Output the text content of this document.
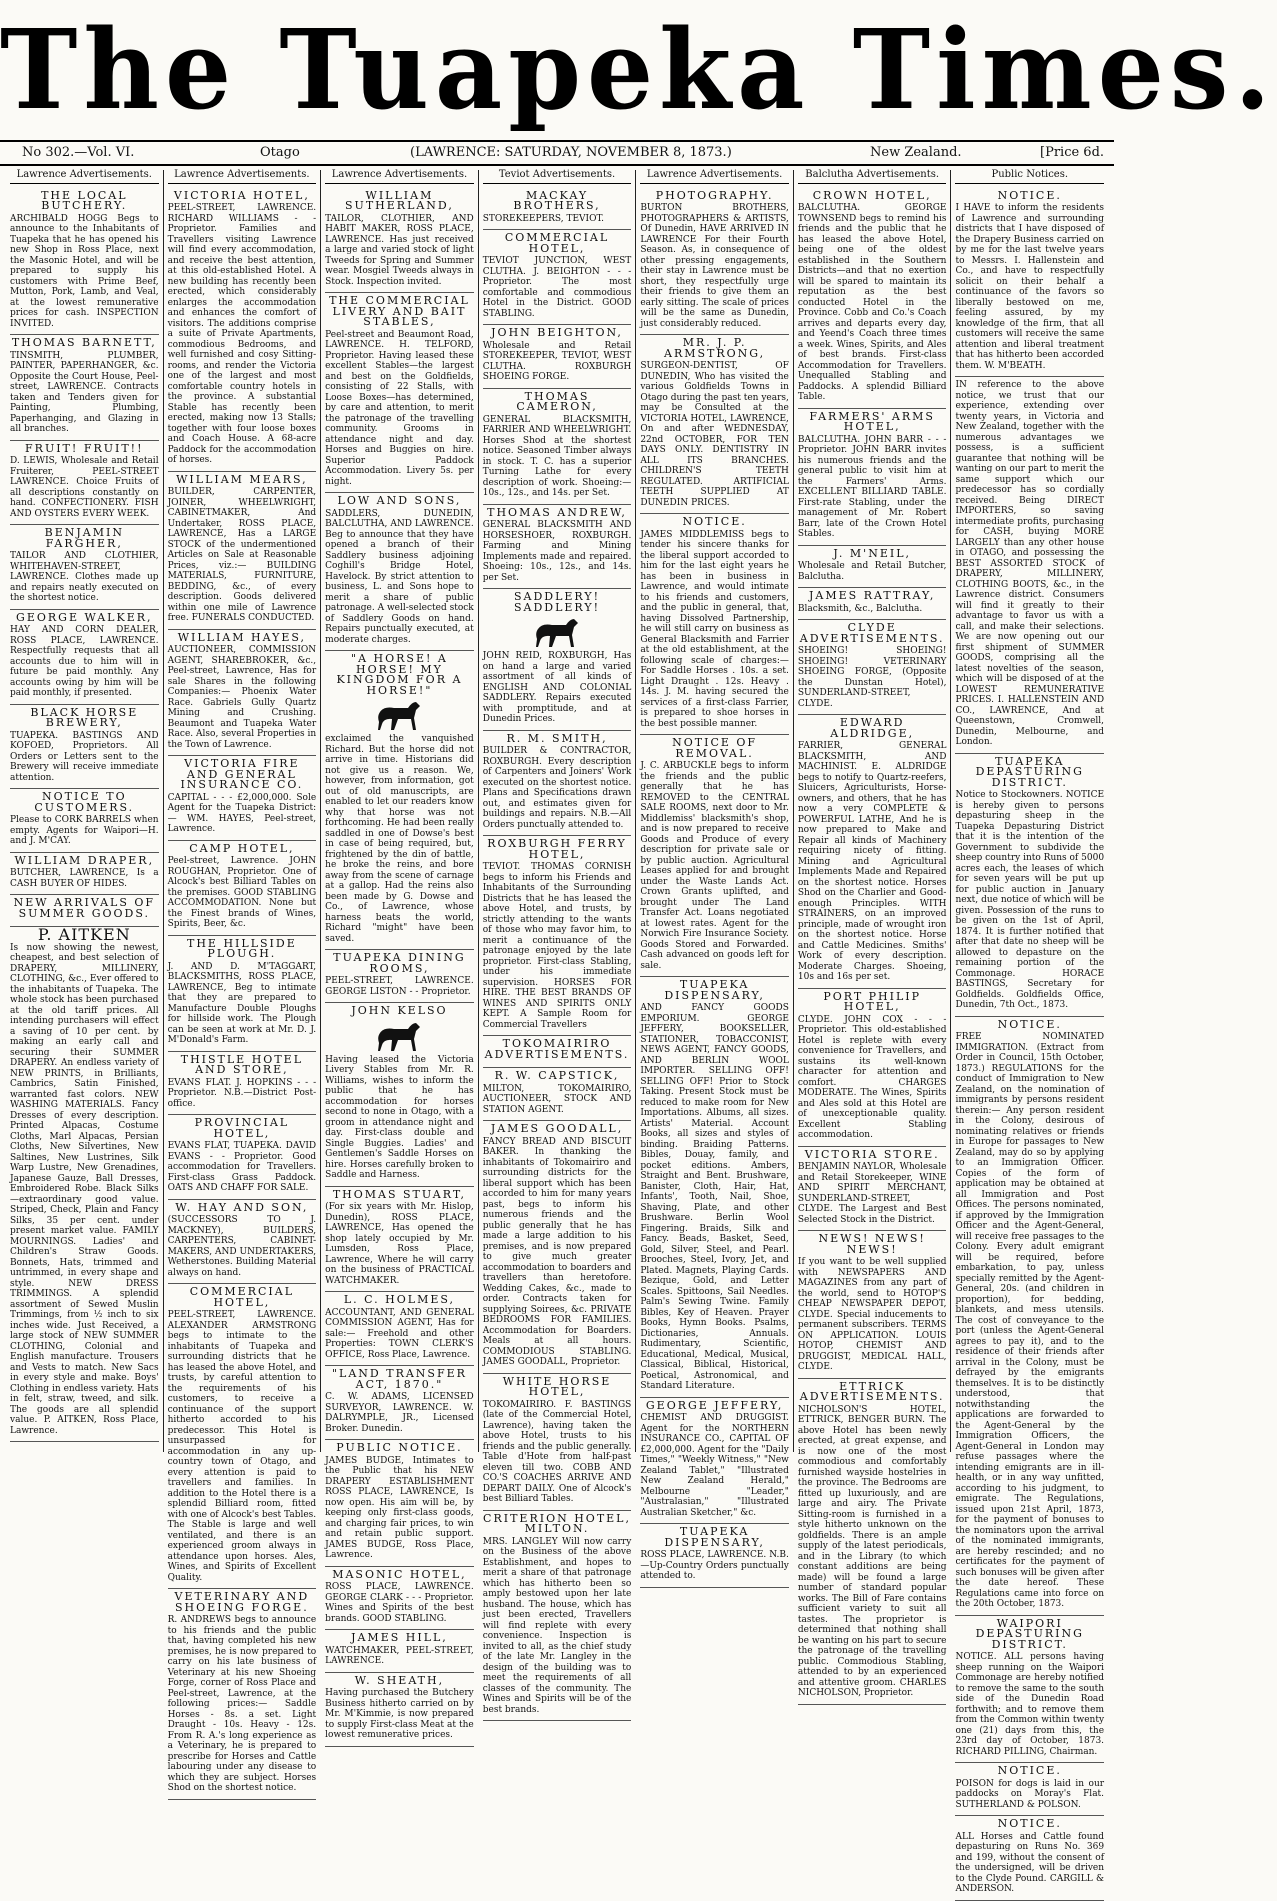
The Tuapeka Times.
No 302.—Vol. VI.	Otago	(LAWRENCE: SATURDAY, NOVEMBER 8, 1873.)	New Zealand.	[Price 6d.
Lawrence Advertisements.
THE LOCAL BUTCHERY.

ARCHIBALD HOGG Begs to announce to the Inhabitants of Tuapeka that he has opened his new Shop in Ross Place, next the Masonic Hotel, and will be prepared to supply his customers with Prime Beef, Mutton, Pork, Lamb, and Veal, at the lowest remunerative prices for cash. INSPECTION INVITED.

THOMAS BARNETT,

TINSMITH, PLUMBER, PAINTER, PAPERHANGER, &c. Opposite the Court House, Peel-street, LAWRENCE. Contracts taken and Tenders given for Painting, Plumbing, Paperhanging, and Glazing in all branches.

FRUIT! FRUIT!!

D. LEWIS, Wholesale and Retail Fruiterer, PEEL-STREET LAWRENCE. Choice Fruits of all descriptions constantly on hand. CONFECTIONERY. FISH AND OYSTERS EVERY WEEK.

BENJAMIN FARGHER,

TAILOR AND CLOTHIER, WHITEHAVEN-STREET, LAWRENCE. Clothes made up and repairs neatly executed on the shortest notice.

GEORGE WALKER,

HAY AND CORN DEALER, ROSS PLACE, LAWRENCE. Respectfully requests that all accounts due to him will in future be paid monthly. Any accounts owing by him will be paid monthly, if presented.

BLACK HORSE BREWERY,

TUAPEKA. BASTINGS AND KOFOED, Proprietors. All Orders or Letters sent to the Brewery will receive immediate attention.

NOTICE TO CUSTOMERS.

Please to CORK BARRELS when empty. Agents for Waipori—H. and J. M'CAY.

WILLIAM DRAPER,

BUTCHER, LAWRENCE, Is a CASH BUYER OF HIDES.

NEW ARRIVALS OF SUMMER GOODS.
P. AITKEN

Is now showing the newest, cheapest, and best selection of DRAPERY, MILLINERY, CLOTHING, &c., Ever offered to the inhabitants of Tuapeka. The whole stock has been purchased at the old tariff prices. All intending purchasers will effect a saving of 10 per cent. by making an early call and securing their SUMMER DRAPERY. An endless variety of NEW PRINTS, in Brilliants, Cambrics, Satin Finished, warranted fast colors. NEW WASHING MATERIALS. Fancy Dresses of every description. Printed Alpacas, Costume Cloths, Marl Alpacas, Persian Cloths, New Silvertines, New Saltines, New Lustrines, Silk Warp Lustre, New Grenadines, Japanese Gauze, Ball Dresses, Embroidered Robe. Black Silks—extraordinary good value. Striped, Check, Plain and Fancy Silks, 35 per cent. under present market value. FAMILY MOURNINGS. Ladies' and Children's Straw Goods. Bonnets, Hats, trimmed and untrimmed, in every shape and style. NEW DRESS TRIMMINGS. A splendid assortment of Sewed Muslin Trimmings, from ½ inch to six inches wide. Just Received, a large stock of NEW SUMMER CLOTHING, Colonial and English manufacture. Trousers and Vests to match. New Sacs in every style and make. Boys' Clothing in endless variety. Hats in felt, straw, tweed, and silk. The goods are all splendid value. P. AITKEN, Ross Place, Lawrence.

Lawrence Advertisements.
VICTORIA HOTEL,

PEEL-STREET, LAWRENCE. RICHARD WILLIAMS - - Proprietor. Families and Travellers visiting Lawrence will find every accommodation, and receive the best attention, at this old-established Hotel. A new building has recently been erected, which considerably enlarges the accommodation and enhances the comfort of visitors. The additions comprise a suite of Private Apartments, commodious Bedrooms, and well furnished and cosy Sitting-rooms, and render the Victoria one of the largest and most comfortable country hotels in the province. A substantial Stable has recently been erected, making now 13 Stalls; together with four loose boxes and Coach House. A 68-acre Paddock for the accommodation of horses.

WILLIAM MEARS,

BUILDER, CARPENTER, JOINER, WHEELWRIGHT, CABINETMAKER, And Undertaker, ROSS PLACE, LAWRENCE, Has a LARGE STOCK of the undermentioned Articles on Sale at Reasonable Prices, viz.:— BUILDING MATERIALS, FURNITURE, BEDDING, &c., of every description. Goods delivered within one mile of Lawrence free. FUNERALS CONDUCTED.

WILLIAM HAYES,

AUCTIONEER, COMMISSION AGENT, SHAREBROKER, &c., Peel-street, Lawrence, Has for sale Shares in the following Companies:— Phoenix Water Race. Gabriels Gully Quartz Mining and Crushing. Beaumont and Tuapeka Water Race. Also, several Properties in the Town of Lawrence.

VICTORIA FIRE AND GENERAL INSURANCE CO.

CAPITAL - - - £2,000,000. Sole Agent for the Tuapeka District:— WM. HAYES, Peel-street, Lawrence.

CAMP HOTEL,

Peel-street, Lawrence. JOHN ROUGHAN, Proprietor. One of Alcock's best Billiard Tables on the premises. GOOD STABLING ACCOMMODATION. None but the Finest brands of Wines, Spirits, Beer, &c.

THE HILLSIDE PLOUGH.

J. AND D. M'TAGGART, BLACKSMITHS, ROSS PLACE, LAWRENCE, Beg to intimate that they are prepared to Manufacture Double Ploughs for hillside work. The Plough can be seen at work at Mr. D. J. M'Donald's Farm.

THISTLE HOTEL AND STORE,

EVANS FLAT. J. HOPKINS - - - Proprietor. N.B.—District Post-office.

PROVINCIAL HOTEL,

EVANS FLAT, TUAPEKA. DAVID EVANS - - Proprietor. Good accommodation for Travellers. First-class Grass Paddock. OATS AND CHAFF FOR SALE.

W. HAY AND SON,

(SUCCESSORS TO J. MACKNEY), BUILDERS, CARPENTERS, CABINET-MAKERS, AND UNDERTAKERS, Wetherstones. Building Material always on hand.

COMMERCIAL HOTEL,

PEEL-STREET, LAWRENCE. ALEXANDER ARMSTRONG begs to intimate to the inhabitants of Tuapeka and surrounding districts that he has leased the above Hotel, and trusts, by careful attention to the requirements of his customers, to receive a continuance of the support hitherto accorded to his predecessor. This Hotel is unsurpassed for accommodation in any up-country town of Otago, and every attention is paid to travellers and families. In addition to the Hotel there is a splendid Billiard room, fitted with one of Alcock's best Tables. The Stable is large and well ventilated, and there is an experienced groom always in attendance upon horses. Ales, Wines, and Spirits of Excellent Quality.

VETERINARY AND SHOEING FORGE.

R. ANDREWS begs to announce to his friends and the public that, having completed his new premises, he is now prepared to carry on his late business of Veterinary at his new Shoeing Forge, corner of Ross Place and Peel-street, Lawrence, at the following prices:— Saddle Horses - 8s. a set. Light Draught - 10s. Heavy - 12s. From R. A.'s long experience as a Veterinary, he is prepared to prescribe for Horses and Cattle labouring under any disease to which they are subject. Horses Shod on the shortest notice.

Lawrence Advertisements.
WILLIAM SUTHERLAND,

TAILOR, CLOTHIER, AND HABIT MAKER, ROSS PLACE, LAWRENCE. Has just received a large and varied stock of light Tweeds for Spring and Summer wear. Mosgiel Tweeds always in Stock. Inspection invited.

THE COMMERCIAL LIVERY AND BAIT STABLES,

Peel-street and Beaumont Road, LAWRENCE. H. TELFORD, Proprietor. Having leased these excellent Stables—the largest and best on the Goldfields, consisting of 22 Stalls, with Loose Boxes—has determined, by care and attention, to merit the patronage of the travelling community. Grooms in attendance night and day. Horses and Buggies on hire. Superior Paddock Accommodation. Livery 5s. per night.

LOW AND SONS,

SADDLERS, DUNEDIN, BALCLUTHA, AND LAWRENCE. Beg to announce that they have opened a branch of their Saddlery business adjoining Coghill's Bridge Hotel, Havelock. By strict attention to business, L. and Sons hope to merit a share of public patronage. A well-selected stock of Saddlery Goods on hand. Repairs punctually executed, at moderate charges.

"A HORSE! A HORSE! MY KINGDOM FOR A HORSE!"

exclaimed the vanquished Richard. But the horse did not arrive in time. Historians did not give us a reason. We, however, from information, got out of old manuscripts, are enabled to let our readers know why that horse was not forthcoming. He had been really saddled in one of Dowse's best in case of being required, but, frightened by the din of battle, he broke the reins, and bore away from the scene of carnage at a gallop. Had the reins also been made by G. Dowse and Co., of Lawrence, whose harness beats the world, Richard "might" have been saved.

TUAPEKA DINING ROOMS,

PEEL-STREET, LAWRENCE. GEORGE LISTON - - Proprietor.

JOHN KELSO

Having leased the Victoria Livery Stables from Mr. R. Williams, wishes to inform the public that he has accommodation for horses second to none in Otago, with a groom in attendance night and day. First-class double and Single Buggies. Ladies' and Gentlemen's Saddle Horses on hire. Horses carefully broken to Saddle and Harness.

THOMAS STUART,

(For six years with Mr. Hislop, Dunedin), ROSS PLACE, LAWRENCE, Has opened the shop lately occupied by Mr. Lumsden, Ross Place, Lawrence, Where he will carry on the business of PRACTICAL WATCHMAKER.

L. C. HOLMES,

ACCOUNTANT, AND GENERAL COMMISSION AGENT, Has for sale:— Freehold and other Properties: TOWN CLERK'S OFFICE, Ross Place, Lawrence.

"LAND TRANSFER ACT, 1870."

C. W. ADAMS, LICENSED SURVEYOR, LAWRENCE. W. DALRYMPLE, JR., Licensed Broker. Dunedin.

PUBLIC NOTICE.

JAMES BUDGE, Intimates to the Public that his NEW DRAPERY ESTABLISHMENT ROSS PLACE, LAWRENCE, Is now open. His aim will be, by keeping only first-class goods, and charging fair prices, to win and retain public support. JAMES BUDGE, Ross Place, Lawrence.

MASONIC HOTEL,

ROSS PLACE, LAWRENCE. GEORGE CLARK - - - Proprietor. Wines and Spirits of the best brands. GOOD STABLING.

JAMES HILL,

WATCHMAKER, PEEL-STREET, LAWRENCE.

W. SHEATH,

Having purchased the Butchery Business hitherto carried on by Mr. M'Kimmie, is now prepared to supply First-class Meat at the lowest remunerative prices.

Teviot Advertisements.
MACKAY BROTHERS,

STOREKEEPERS, TEVIOT.

COMMERCIAL HOTEL,

TEVIOT JUNCTION, WEST CLUTHA. J. BEIGHTON - - - Proprietor. The most comfortable and commodious Hotel in the District. GOOD STABLING.

JOHN BEIGHTON,

Wholesale and Retail STOREKEEPER, TEVIOT, WEST CLUTHA. ROXBURGH SHOEING FORGE.

THOMAS CAMERON,

GENERAL BLACKSMITH, FARRIER AND WHEELWRIGHT. Horses Shod at the shortest notice. Seasoned Timber always in stock. T. C. has a superior Turning Lathe for every description of work. Shoeing:—10s., 12s., and 14s. per Set.

THOMAS ANDREW,

GENERAL BLACKSMITH AND HORSESHOER, ROXBURGH. Farming and Mining Implements made and repaired. Shoeing: 10s., 12s., and 14s. per Set.

SADDLERY! SADDLERY!

JOHN REID, ROXBURGH, Has on hand a large and varied assortment of all kinds of ENGLISH AND COLONIAL SADDLERY. Repairs executed with promptitude, and at Dunedin Prices.

R. M. SMITH,

BUILDER & CONTRACTOR, ROXBURGH. Every description of Carpenters and Joiners' Work executed on the shortest notice. Plans and Specifications drawn out, and estimates given for buildings and repairs. N.B.—All Orders punctually attended to.

ROXBURGH FERRY HOTEL,

TEVIOT. THOMAS CORNISH begs to inform his Friends and Inhabitants of the Surrounding Districts that he has leased the above Hotel, and trusts, by strictly attending to the wants of those who may favor him, to merit a continuance of the patronage enjoyed by the late proprietor. First-class Stabling, under his immediate supervision. HORSES FOR HIRE. THE BEST BRANDS OF WINES AND SPIRITS ONLY KEPT. A Sample Room for Commercial Travellers

TOKOMAIRIRO ADVERTISEMENTS.
R. W. CAPSTICK,

MILTON, TOKOMAIRIRO, AUCTIONEER, STOCK AND STATION AGENT.

JAMES GOODALL,

FANCY BREAD AND BISCUIT BAKER. In thanking the inhabitants of Tokomairiro and surrounding districts for the liberal support which has been accorded to him for many years past, begs to inform his numerous friends and the public generally that he has made a large addition to his premises, and is now prepared to give much greater accommodation to boarders and travellers than heretofore. Wedding Cakes, &c., made to order. Contracts taken for supplying Soirees, &c. PRIVATE BEDROOMS FOR FAMILIES. Accommodation for Boarders. Meals at all hours. COMMODIOUS STABLING. JAMES GOODALL, Proprietor.

WHITE HORSE HOTEL,

TOKOMAIRIRO. F. BASTINGS (late of the Commercial Hotel, Lawrence), having taken the above Hotel, trusts to his friends and the public generally. Table d'Hote from half-past eleven till two. COBB AND CO.'S COACHES ARRIVE AND DEPART DAILY. One of Alcock's best Billiard Tables.

CRITERION HOTEL, MILTON.

MRS. LANGLEY Will now carry on the Business of the above Establishment, and hopes to merit a share of that patronage which has hitherto been so amply bestowed upon her late husband. The house, which has just been erected, Travellers will find replete with every convenience. Inspection is invited to all, as the chief study of the late Mr. Langley in the design of the building was to meet the requirements of all classes of the community. The Wines and Spirits will be of the best brands.

Lawrence Advertisements.
PHOTOGRAPHY.

BURTON BROTHERS, PHOTOGRAPHERS & ARTISTS, Of Dunedin, HAVE ARRIVED IN LAWRENCE For their Fourth Season. As, in consequence of other pressing engagements, their stay in Lawrence must be short, they respectfully urge their friends to give them an early sitting. The scale of prices will be the same as Dunedin, just considerably reduced.

MR. J. P. ARMSTRONG,

SURGEON-DENTIST, OF DUNEDIN, Who has visited the various Goldfields Towns in Otago during the past ten years, may be Consulted at the VICTORIA HOTEL, LAWRENCE, On and after WEDNESDAY, 22nd OCTOBER, FOR TEN DAYS ONLY. DENTISTRY IN ALL ITS BRANCHES. CHILDREN'S TEETH REGULATED. ARTIFICIAL TEETH SUPPLIED AT DUNEDIN PRICES.

NOTICE.

JAMES MIDDLEMISS begs to tender his sincere thanks for the liberal support accorded to him for the last eight years he has been in business in Lawrence, and would intimate to his friends and customers, and the public in general, that, having Dissolved Partnership, he will still carry on business as General Blacksmith and Farrier at the old establishment, at the following scale of charges:— For Saddle Horses . 10s. a set. Light Draught . 12s. Heavy . 14s. J. M. having secured the services of a first-class Farrier, is prepared to shoe horses in the best possible manner.

NOTICE OF REMOVAL.

J. C. ARBUCKLE begs to inform the friends and the public generally that he has REMOVED to the CENTRAL SALE ROOMS, next door to Mr. Middlemiss' blacksmith's shop, and is now prepared to receive Goods and Produce of every description for private sale or by public auction. Agricultural Leases applied for and brought under the Waste Lands Act. Crown Grants uplifted, and brought under The Land Transfer Act. Loans negotiated at lowest rates. Agent for the Norwich Fire Insurance Society. Goods Stored and Forwarded. Cash advanced on goods left for sale.

TUAPEKA DISPENSARY,

AND FANCY GOODS EMPORIUM. GEORGE JEFFERY, BOOKSELLER, STATIONER, TOBACCONIST, NEWS AGENT, FANCY GOODS, AND BERLIN WOOL IMPORTER. SELLING OFF! SELLING OFF! Prior to Stock Taking. Present Stock must be reduced to make room for New Importations. Albums, all sizes. Artists' Material. Account Books, all sizes and styles of binding. Braiding Patterns. Bibles, Douay, family, and pocket editions. Ambers, Straight and Bent. Brushware, Banister, Cloth, Hair, Hat, Infants', Tooth, Nail, Shoe, Shaving, Plate, and other Brushware. Berlin Wool Fingering. Braids, Silk and Fancy. Beads, Basket, Seed, Gold, Silver, Steel, and Pearl. Brooches, Steel, Ivory, Jet, and Plated. Magnets, Playing Cards. Bezique, Gold, and Letter Scales. Spittoons, Sail Needles. Palm's Sewing Twine. Family Bibles, Key of Heaven. Prayer Books, Hymn Books. Psalms, Dictionaries, Annuals. Rudimentary, Scientific, Educational, Medical, Musical, Classical, Biblical, Historical, Poetical, Astronomical, and Standard Literature.

GEORGE JEFFERY,

CHEMIST AND DRUGGIST. Agent for the NORTHERN INSURANCE CO., CAPITAL OF £2,000,000. Agent for the "Daily Times," "Weekly Witness," "New Zealand Tablet," "Illustrated New Zealand Herald," Melbourne "Leader," "Australasian," "Illustrated Australian Sketcher," &c.

TUAPEKA DISPENSARY,

ROSS PLACE, LAWRENCE. N.B.—Up-Country Orders punctually attended to.

Balclutha Advertisements.
CROWN HOTEL,

BALCLUTHA. GEORGE TOWNSEND begs to remind his friends and the public that he has leased the above Hotel, being one of the oldest established in the Southern Districts—and that no exertion will be spared to maintain its reputation as the best conducted Hotel in the Province. Cobb and Co.'s Coach arrives and departs every day, and Yeend's Coach three times a week. Wines, Spirits, and Ales of best brands. First-class Accommodation for Travellers. Unequalled Stabling and Paddocks. A splendid Billiard Table.

FARMERS' ARMS HOTEL,

BALCLUTHA. JOHN BARR - - - Proprietor. JOHN BARR invites his numerous friends and the general public to visit him at the Farmers' Arms. EXCELLENT BILLIARD TABLE. First-rate Stabling, under the management of Mr. Robert Barr, late of the Crown Hotel Stables.

J. M'NEIL,

Wholesale and Retail Butcher, Balclutha.

JAMES RATTRAY,

Blacksmith, &c., Balclutha.

CLYDE ADVERTISEMENTS.

SHOEING! SHOEING! SHOEING! VETERINARY SHOEING FORGE, (Opposite the Dunstan Hotel), SUNDERLAND-STREET, CLYDE.

EDWARD ALDRIDGE,

FARRIER, GENERAL BLACKSMITH, AND MACHINIST. E. ALDRIDGE begs to notify to Quartz-reefers, Sluicers, Agriculturists, Horse-owners, and others, that he has now a very COMPLETE & POWERFUL LATHE, And he is now prepared to Make and Repair all kinds of Machinery requiring nicety of fitting. Mining and Agricultural Implements Made and Repaired on the shortest notice. Horses Shod on the Charlier and Good-enough Principles. WITH STRAINERS, on an improved principle, made of wrought iron on the shortest notice. Horse and Cattle Medicines. Smiths' Work of every description. Moderate Charges. Shoeing, 10s and 16s per set.

PORT PHILIP HOTEL,

CLYDE. JOHN COX - - - Proprietor. This old-established Hotel is replete with every convenience for Travellers, and sustains its well-known character for attention and comfort. CHARGES MODERATE. The Wines, Spirits and Ales sold at this Hotel are of unexceptionable quality. Excellent Stabling accommodation.

VICTORIA STORE.

BENJAMIN NAYLOR, Wholesale and Retail Storekeeper, WINE AND SPIRIT MERCHANT, SUNDERLAND-STREET, CLYDE. The Largest and Best Selected Stock in the District.

NEWS! NEWS! NEWS!

If you want to be well supplied with NEWSPAPERS AND MAGAZINES from any part of the world, send to HOTOP'S CHEAP NEWSPAPER DEPOT, CLYDE. Special inducements to permanent subscribers. TERMS ON APPLICATION. LOUIS HOTOP, CHEMIST AND DRUGGIST, MEDICAL HALL, CLYDE.

ETTRICK ADVERTISEMENTS.

NICHOLSON'S HOTEL, ETTRICK, BENGER BURN. The above Hotel has been newly erected, at great expense, and is now one of the most commodious and comfortably furnished wayside hostelries in the province. The Bedrooms are fitted up luxuriously, and are large and airy. The Private Sitting-room is furnished in a style hitherto unknown on the goldfields. There is an ample supply of the latest periodicals, and in the Library (to which constant additions are being made) will be found a large number of standard popular works. The Bill of Fare contains sufficient variety to suit all tastes. The proprietor is determined that nothing shall be wanting on his part to secure the patronage of the travelling public. Commodious Stabling, attended to by an experienced and attentive groom. CHARLES NICHOLSON, Proprietor.

Public Notices.
NOTICE.

I HAVE to inform the residents of Lawrence and surrounding districts that I have disposed of the Drapery Business carried on by me for the last twelve years to Messrs. I. Hallenstein and Co., and have to respectfully solicit on their behalf a continuance of the favors so liberally bestowed on me, feeling assured, by my knowledge of the firm, that all customers will receive the same attention and liberal treatment that has hitherto been accorded them. W. M'BEATH.

IN reference to the above notice, we trust that our experience, extending over twenty years, in Victoria and New Zealand, together with the numerous advantages we possess, is a sufficient guarantee that nothing will be wanting on our part to merit the same support which our predecessor has so cordially received. Being DIRECT IMPORTERS, so saving intermediate profits, purchasing for CASH, buying MORE LARGELY than any other house in OTAGO, and possessing the BEST ASSORTED STOCK of DRAPERY, MILLINERY, CLOTHING BOOTS, &c., in the Lawrence district. Consumers will find it greatly to their advantage to favor us with a call, and make their selections. We are now opening out our first shipment of SUMMER GOODS, comprising all the latest novelties of the season, which will be disposed of at the LOWEST REMUNERATIVE PRICES. I. HALLENSTEIN AND CO., LAWRENCE, And at Queenstown, Cromwell, Dunedin, Melbourne, and London.

TUAPEKA DEPASTURING DISTRICT.

Notice to Stockowners. NOTICE is hereby given to persons depasturing sheep in the Tuapeka Depasturing District that it is the intention of the Government to subdivide the sheep country into Runs of 5000 acres each, the leases of which for seven years will be put up for public auction in January next, due notice of which will be given. Possession of the runs to be given on the 1st of April, 1874. It is further notified that after that date no sheep will be allowed to depasture on the remaining portion of the Commonage. HORACE BASTINGS, Secretary for Goldfields. Goldfields Office, Dunedin, 7th Oct., 1873.

NOTICE.

FREE NOMINATED IMMIGRATION. (Extract from Order in Council, 15th October, 1873.) REGULATIONS for the conduct of Immigration to New Zealand, on the nomination of immigrants by persons resident therein:— Any person resident in the Colony, desirous of nominating relatives or friends in Europe for passages to New Zealand, may do so by applying to an Immigration Officer. Copies of the form of application may be obtained at all Immigration and Post Offices. The persons nominated, if approved by the Immigration Officer and the Agent-General, will receive free passages to the Colony. Every adult emigrant will be required, before embarkation, to pay, unless specially remitted by the Agent-General, 20s. (and children in proportion), for bedding, blankets, and mess utensils. The cost of conveyance to the port (unless the Agent-General agrees to pay it), and to the residence of their friends after arrival in the Colony, must be defrayed by the emigrants themselves. It is to be distinctly understood, that notwithstanding the applications are forwarded to the Agent-General by the Immigration Officers, the Agent-General in London may refuse passages where the intending emigrants are in ill-health, or in any way unfitted, according to his judgment, to emigrate. The Regulations, issued upon 21st April, 1873, for the payment of bonuses to the nominators upon the arrival of the nominated immigrants, are hereby rescinded; and no certificates for the payment of such bonuses will be given after the date hereof. These Regulations came into force on the 20th October, 1873.

WAIPORI DEPASTURING DISTRICT.

NOTICE. ALL persons having sheep running on the Waipori Commonage are hereby notified to remove the same to the south side of the Dunedin Road forthwith; and to remove them from the Common within twenty one (21) days from this, the 23rd day of October, 1873. RICHARD PILLING, Chairman.

NOTICE.

POISON for dogs is laid in our paddocks on Moray's Flat. SUTHERLAND & POLSON.

NOTICE.

ALL Horses and Cattle found depasturing on Runs No. 369 and 199, without the consent of the undersigned, will be driven to the Clyde Pound. CARGILL & ANDERSON.
